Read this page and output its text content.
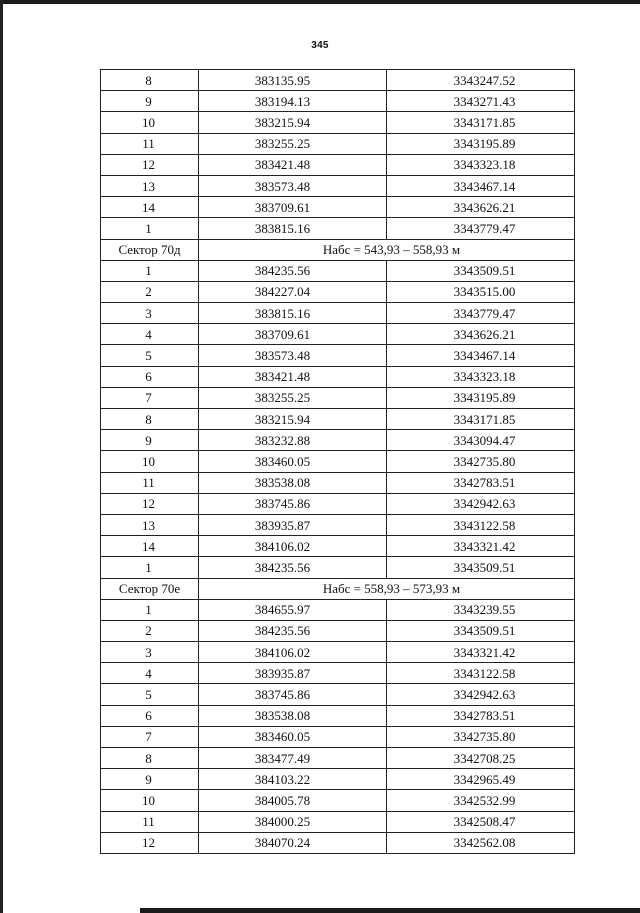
345
8	383135.95	3343247.52
9	383194.13	3343271.43
10	383215.94	3343171.85
11	383255.25	3343195.89
12	383421.48	3343323.18
13	383573.48	3343467.14
14	383709.61	3343626.21
1	383815.16	3343779.47
Сектор 70д	Набс = 543,93 – 558,93 м	
1	384235.56	3343509.51
2	384227.04	3343515.00
3	383815.16	3343779.47
4	383709.61	3343626.21
5	383573.48	3343467.14
6	383421.48	3343323.18
7	383255.25	3343195.89
8	383215.94	3343171.85
9	383232.88	3343094.47
10	383460.05	3342735.80
11	383538.08	3342783.51
12	383745.86	3342942.63
13	383935.87	3343122.58
14	384106.02	3343321.42
1	384235.56	3343509.51
Сектор 70е	Набс = 558,93 – 573,93 м	
1	384655.97	3343239.55
2	384235.56	3343509.51
3	384106.02	3343321.42
4	383935.87	3343122.58
5	383745.86	3342942.63
6	383538.08	3342783.51
7	383460.05	3342735.80
8	383477.49	3342708.25
9	384103.22	3342965.49
10	384005.78	3342532.99
11	384000.25	3342508.47
12	384070.24	3342562.08
